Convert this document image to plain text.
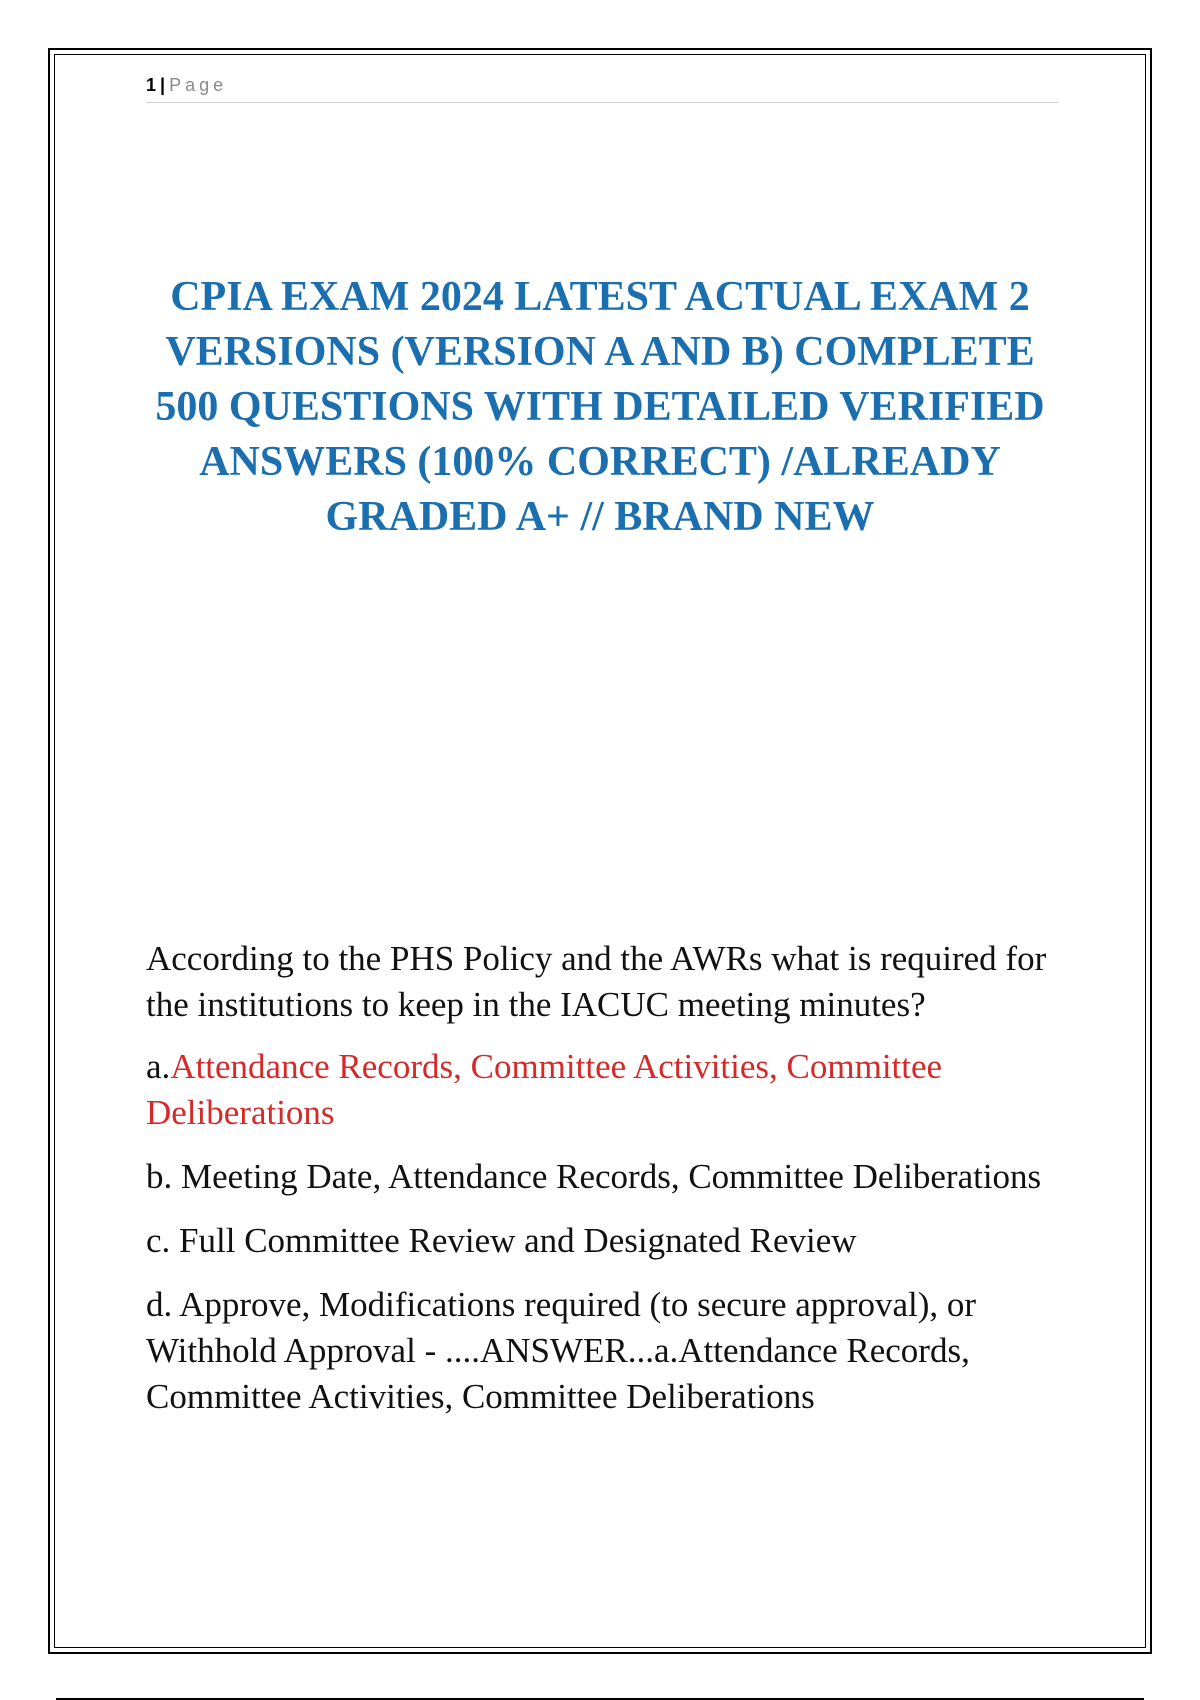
1 | Page
CPIA EXAM 2024 LATEST ACTUAL EXAM 2 VERSIONS (VERSION A AND B) COMPLETE 500 QUESTIONS WITH DETAILED VERIFIED ANSWERS (100% CORRECT) /ALREADY GRADED A+ // BRAND NEW

According to the PHS Policy and the AWRs what is required for the institutions to keep in the IACUC meeting minutes?

a.Attendance Records, Committee Activities, Committee Deliberations

b. Meeting Date, Attendance Records, Committee Deliberations

c. Full Committee Review and Designated Review

d. Approve, Modifications required (to secure approval), or Withhold Approval - ....ANSWER...a.Attendance Records, Committee Activities, Committee Deliberations
